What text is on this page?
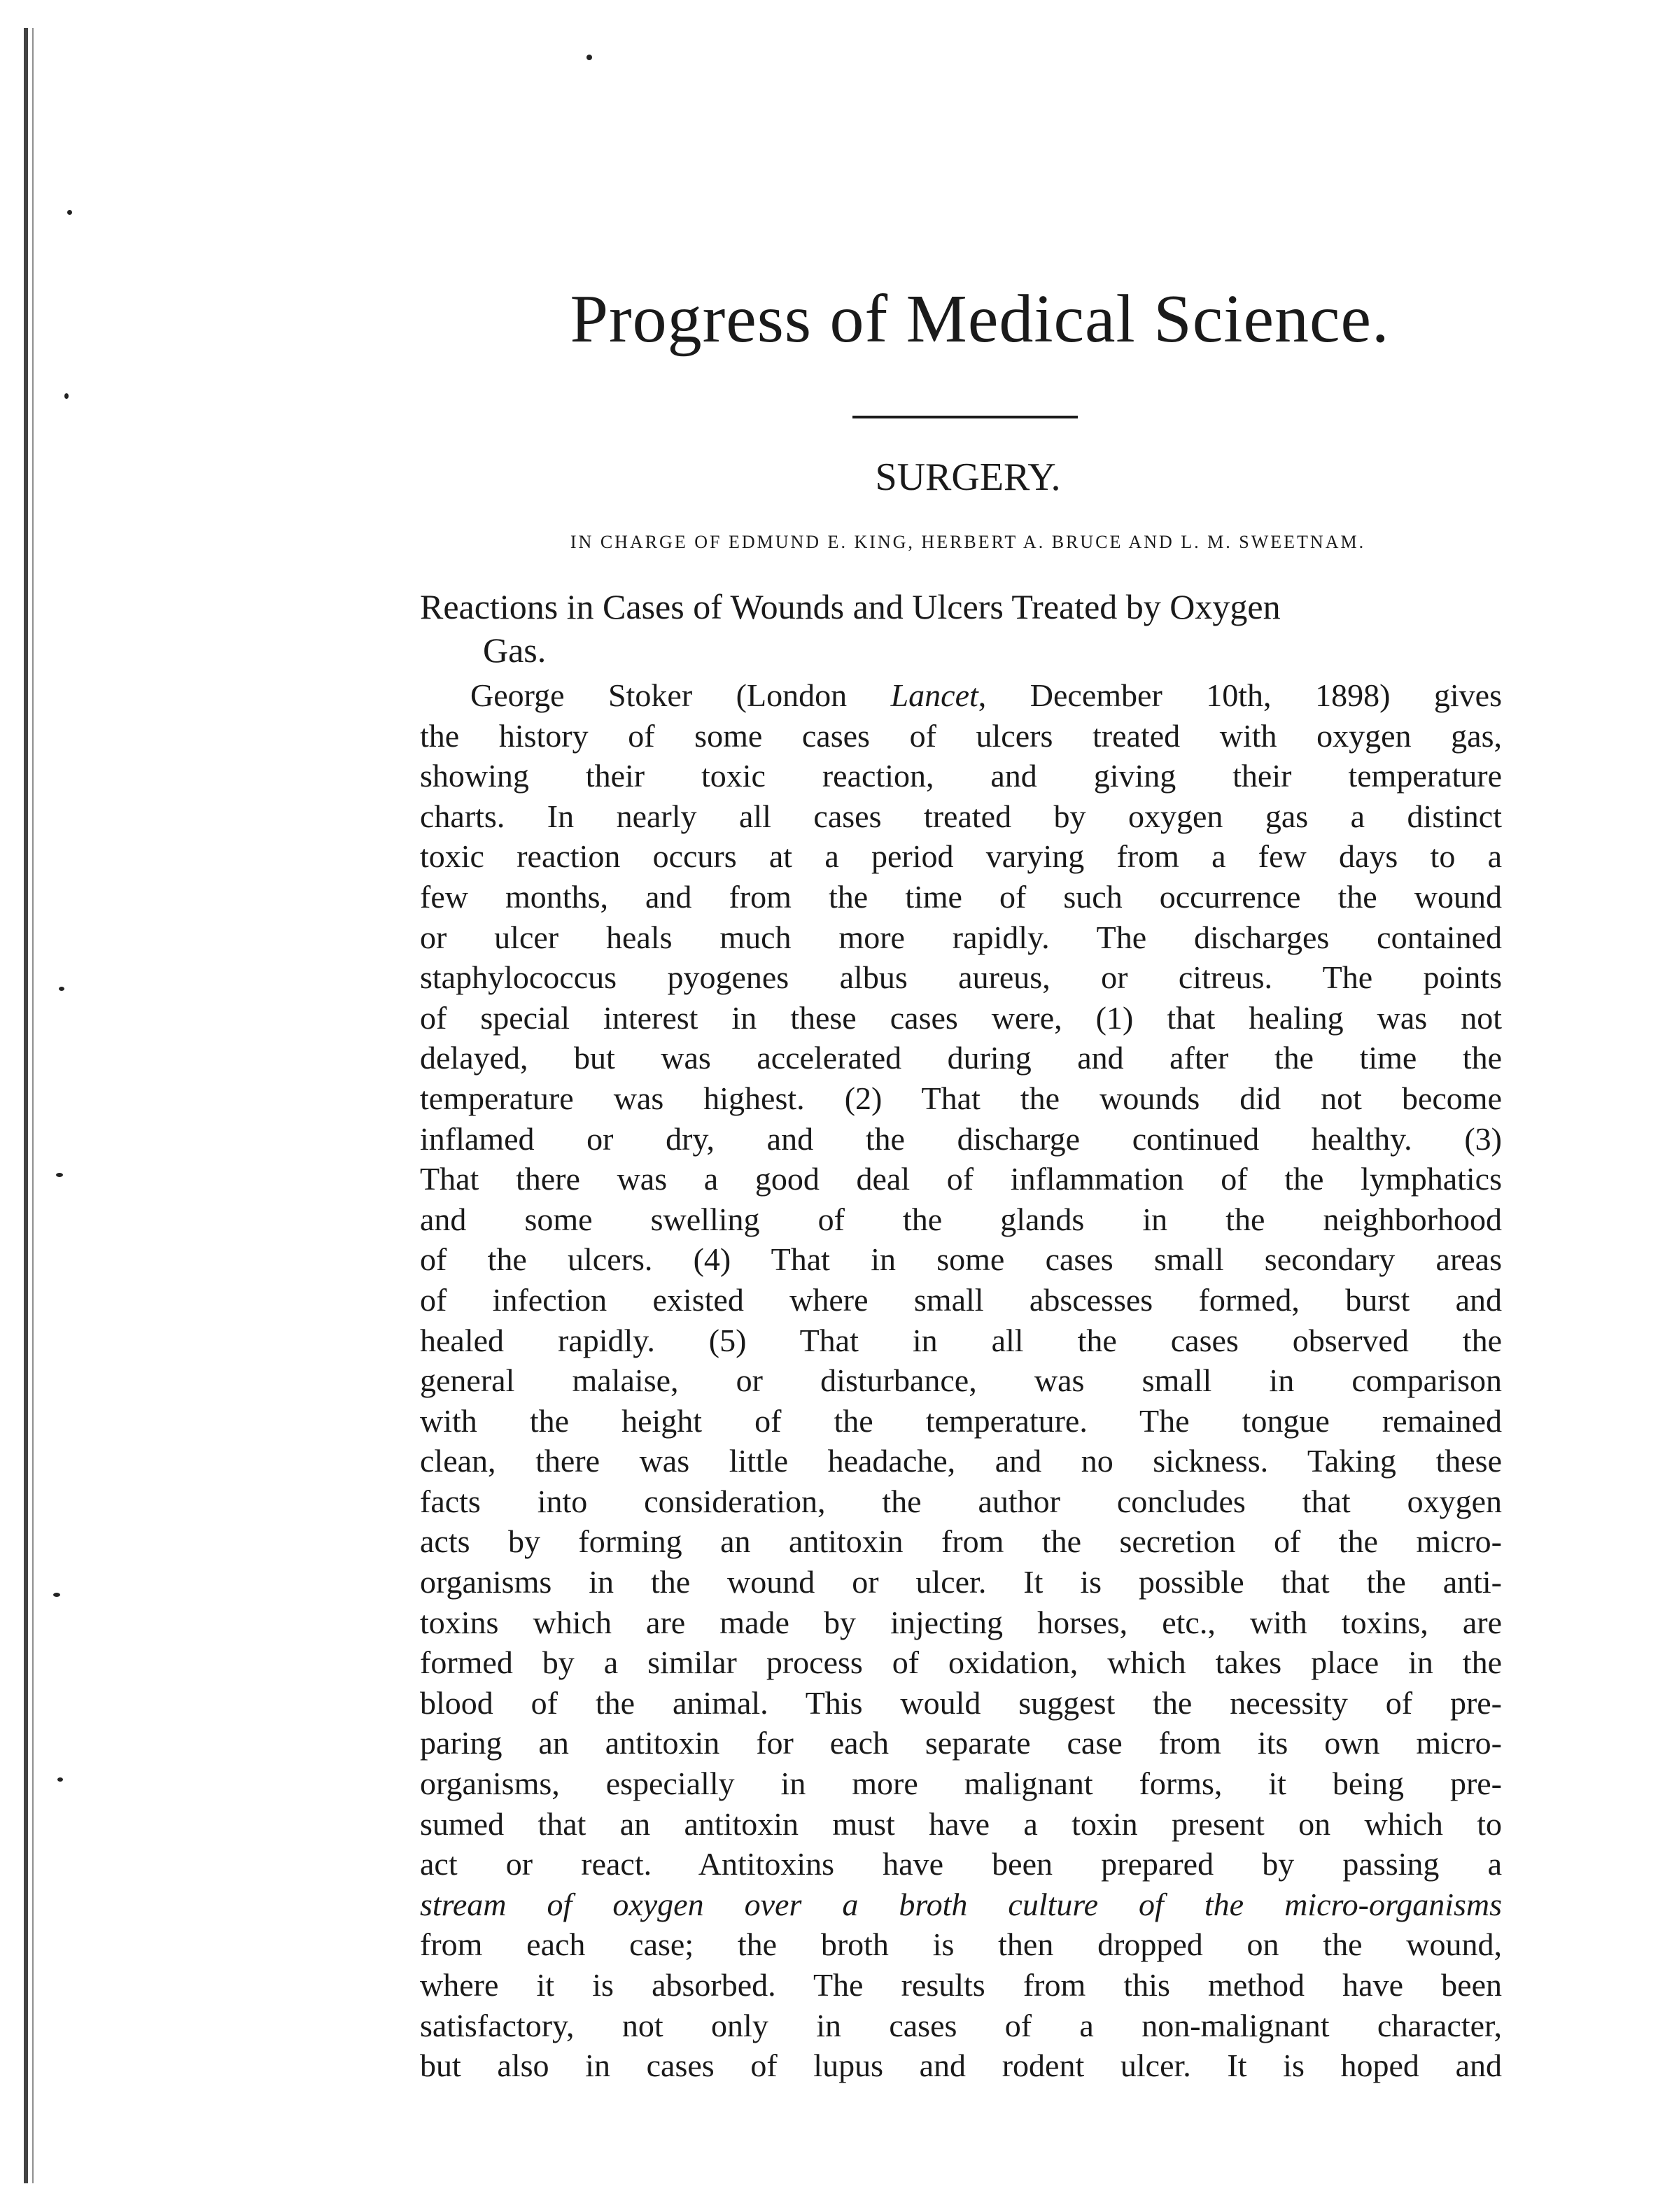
Progress of Medical Science.
SURGERY.

IN CHARGE OF EDMUND E. KING, HERBERT A. BRUCE AND L. M. SWEETNAM.

Reactions in Cases of Wounds and Ulcers Treated by Oxygen
Gas.
George Stoker (London Lancet, December 10th, 1898) gives
the history of some cases of ulcers treated with oxygen gas,
showing their toxic reaction, and giving their temperature
charts. In nearly all cases treated by oxygen gas a distinct
toxic reaction occurs at a period varying from a few days to a
few months, and from the time of such occurrence the wound
or ulcer heals much more rapidly. The discharges contained
staphylococcus pyogenes albus aureus, or citreus. The points
of special interest in these cases were, (1) that healing was not
delayed, but was accelerated during and after the time the
temperature was highest. (2) That the wounds did not become
inflamed or dry, and the discharge continued healthy. (3)
That there was a good deal of inflammation of the lymphatics
and some swelling of the glands in the neighborhood
of the ulcers. (4) That in some cases small secondary areas
of infection existed where small abscesses formed, burst and
healed rapidly. (5) That in all the cases observed the
general malaise, or disturbance, was small in comparison
with the height of the temperature. The tongue remained
clean, there was little headache, and no sickness. Taking these
facts into consideration, the author concludes that oxygen
acts by forming an antitoxin from the secretion of the micro-
organisms in the wound or ulcer. It is possible that the anti-
toxins which are made by injecting horses, etc., with toxins, are
formed by a similar process of oxidation, which takes place in the
blood of the animal. This would suggest the necessity of pre-
paring an antitoxin for each separate case from its own micro-
organisms, especially in more malignant forms, it being pre-
sumed that an antitoxin must have a toxin present on which to
act or react. Antitoxins have been prepared by passing a
stream of oxygen over a broth culture of the micro-organisms
from each case; the broth is then dropped on the wound,
where it is absorbed. The results from this method have been
satisfactory, not only in cases of a non-malignant character,
but also in cases of lupus and rodent ulcer. It is hoped and
